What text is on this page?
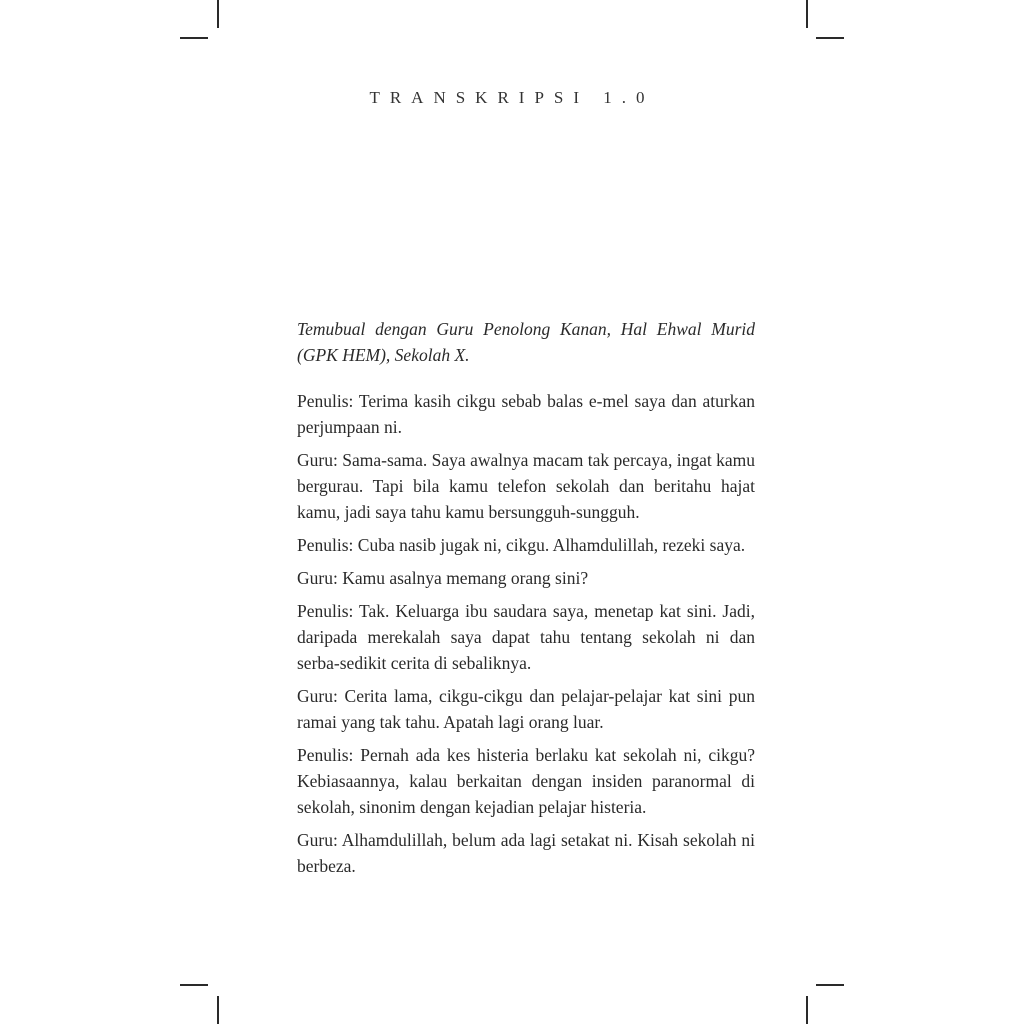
TRANSKRIPSI 1.0

Temubual dengan Guru Penolong Kanan, Hal Ehwal Murid (GPK HEM), Sekolah X.

Penulis: Terima kasih cikgu sebab balas e-mel saya dan aturkan perjumpaan ni.

Guru: Sama-sama. Saya awalnya macam tak percaya, ingat kamu bergurau. Tapi bila kamu telefon sekolah dan beritahu hajat kamu, jadi saya tahu kamu bersungguh-sungguh.

Penulis: Cuba nasib jugak ni, cikgu. Alhamdulillah, rezeki saya.

Guru: Kamu asalnya memang orang sini?

Penulis: Tak. Keluarga ibu saudara saya, menetap kat sini. Jadi, daripada merekalah saya dapat tahu tentang sekolah ni dan serba-sedikit cerita di sebaliknya.

Guru: Cerita lama, cikgu-cikgu dan pelajar-pelajar kat sini pun ramai yang tak tahu. Apatah lagi orang luar.

Penulis: Pernah ada kes histeria berlaku kat sekolah ni, cikgu? Kebiasaannya, kalau berkaitan dengan insiden paranormal di sekolah, sinonim dengan kejadian pelajar histeria.

Guru: Alhamdulillah, belum ada lagi setakat ni. Kisah sekolah ni berbeza.
